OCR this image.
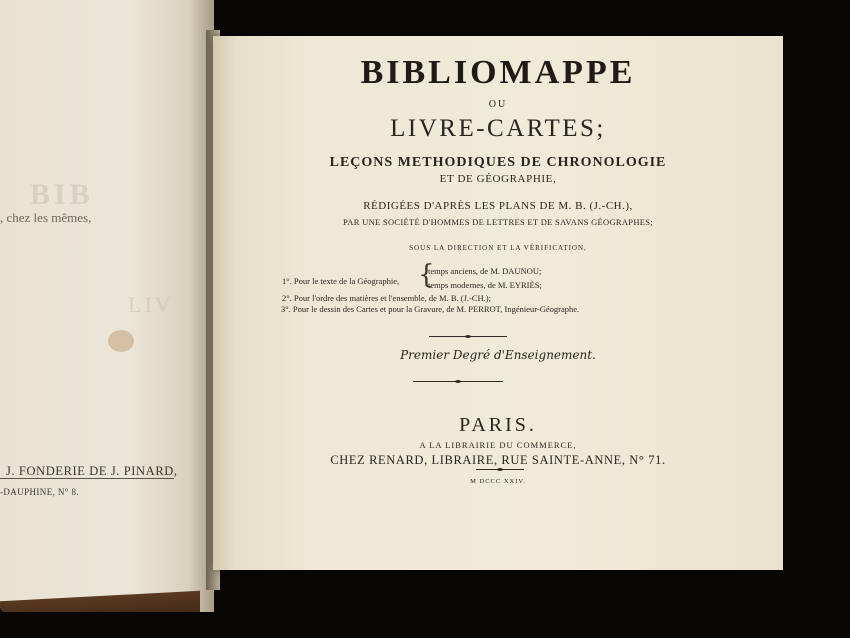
BIB
LIV
, chez les mêmes,
J. FONDERIE DE J. PINARD,
-DAUPHINE, N° 8.
BIBLIOMAPPE
OU
LIVRE-CARTES;
LEÇONS METHODIQUES DE CHRONOLOGIE
ET DE GÉOGRAPHIE,
RÉDIGÉES D'APRÈS LES PLANS DE M. B. (J.-CH.),
PAR UNE SOCIÉTÉ D'HOMMES DE LETTRES ET DE SAVANS GÉOGRAPHES;
SOUS LA DIRECTION ET LA VÉRIFICATION,
1°. Pour le texte de la Géographie, {
temps anciens, de M. DAUNOU;
temps modernes, de M. EYRIÈS;
2°. Pour l'ordre des matières et l'ensemble, de M. B. (J.-CH.);
3°. Pour le dessin des Cartes et pour la Gravure, de M. PERROT, Ingénieur-Géographe.
Premier Degré d'Enseignement.
PARIS.
A LA LIBRAIRIE DU COMMERCE,
CHEZ RENARD, LIBRAIRE, RUE SAINTE-ANNE, N° 71.
M DCCC XXIV.
